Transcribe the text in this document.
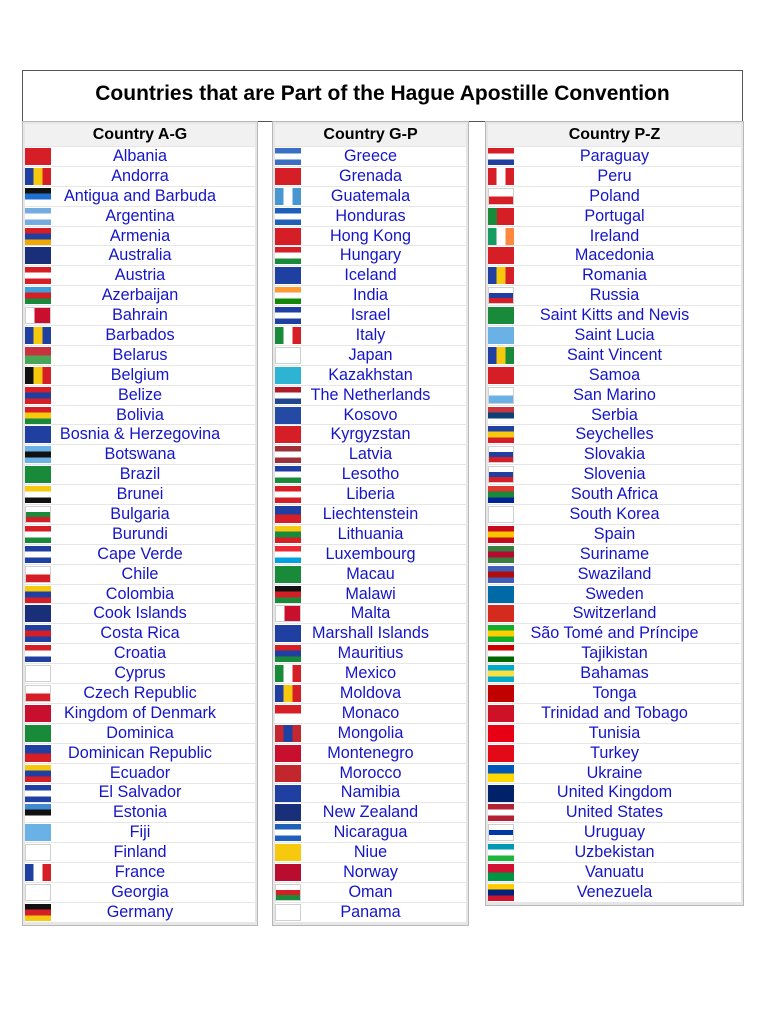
Countries that are Part of the Hague Apostille Convention
Country A-G
Albania
Andorra
Antigua and Barbuda
Argentina
Armenia
Australia
Austria
Azerbaijan
Bahrain
Barbados
Belarus
Belgium
Belize
Bolivia
Bosnia & Herzegovina
Botswana
Brazil
Brunei
Bulgaria
Burundi
Cape Verde
Chile
Colombia
Cook Islands
Costa Rica
Croatia
Cyprus
Czech Republic
Kingdom of Denmark
Dominica
Dominican Republic
Ecuador
El Salvador
Estonia
Fiji
Finland
France
Georgia
Germany
Country G-P
Greece
Grenada
Guatemala
Honduras
Hong Kong
Hungary
Iceland
India
Israel
Italy
Japan
Kazakhstan
The Netherlands
Kosovo
Kyrgyzstan
Latvia
Lesotho
Liberia
Liechtenstein
Lithuania
Luxembourg
Macau
Malawi
Malta
Marshall Islands
Mauritius
Mexico
Moldova
Monaco
Mongolia
Montenegro
Morocco
Namibia
New Zealand
Nicaragua
Niue
Norway
Oman
Panama
Country P-Z
Paraguay
Peru
Poland
Portugal
Ireland
Macedonia
Romania
Russia
Saint Kitts and Nevis
Saint Lucia
Saint Vincent
Samoa
San Marino
Serbia
Seychelles
Slovakia
Slovenia
South Africa
South Korea
Spain
Suriname
Swaziland
Sweden
Switzerland
São Tomé and Príncipe
Tajikistan
Bahamas
Tonga
Trinidad and Tobago
Tunisia
Turkey
Ukraine
United Kingdom
United States
Uruguay
Uzbekistan
Vanuatu
Venezuela
